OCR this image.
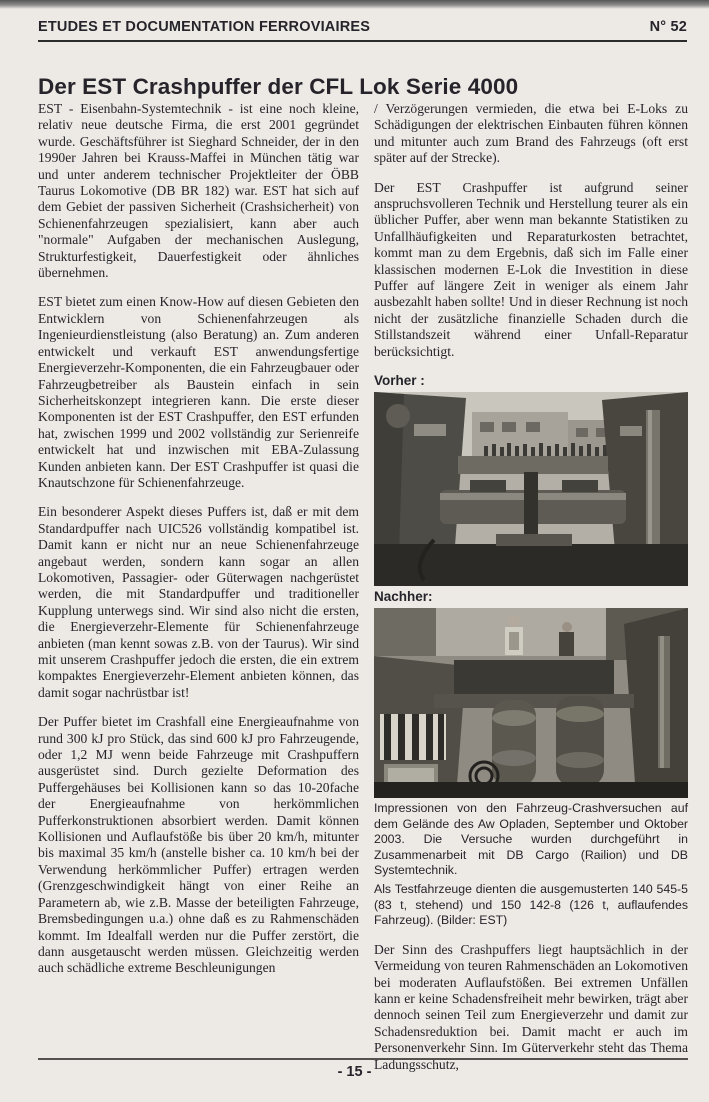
ETUDES ET DOCUMENTATION FERROVIAIRES	N° 52
Der EST Crashpuffer der CFL Lok Serie 4000

EST - Eisenbahn-Systemtechnik - ist eine noch kleine, relativ neue deutsche Firma, die erst 2001 gegründet wurde. Geschäftsführer ist Sieghard Schneider, der in den 1990er Jahren bei Krauss-Maffei in München tätig war und unter anderem technischer Projektleiter der ÖBB Taurus Lokomotive (DB BR 182) war. EST hat sich auf dem Gebiet der passiven Sicherheit (Crashsicherheit) von Schienenfahrzeugen spezialisiert, kann aber auch "normale" Aufgaben der mechanischen Auslegung, Strukturfestigkeit, Dauerfestigkeit oder ähnliches übernehmen.

EST bietet zum einen Know-How auf diesen Gebieten den Entwicklern von Schienenfahrzeugen als Ingenieurdienstleistung (also Beratung) an. Zum anderen entwickelt und verkauft EST anwendungsfertige Energieverzehr-Komponenten, die ein Fahrzeugbauer oder Fahrzeugbetreiber als Baustein einfach in sein Sicherheitskonzept integrieren kann. Die erste dieser Komponenten ist der EST Crashpuffer, den EST erfunden hat, zwischen 1999 und 2002 vollständig zur Serienreife entwickelt hat und inzwischen mit EBA-Zulassung Kunden anbieten kann. Der EST Crashpuffer ist quasi die Knautschzone für Schienenfahrzeuge.

Ein besonderer Aspekt dieses Puffers ist, daß er mit dem Standardpuffer nach UIC526 vollständig kompatibel ist. Damit kann er nicht nur an neue Schienenfahrzeuge angebaut werden, sondern kann sogar an allen Lokomotiven, Passagier- oder Güterwagen nachgerüstet werden, die mit Standardpuffer und traditioneller Kupplung unterwegs sind. Wir sind also nicht die ersten, die Energieverzehr-Elemente für Schienenfahrzeuge anbieten (man kennt sowas z.B. von der Taurus). Wir sind mit unserem Crashpuffer jedoch die ersten, die ein extrem kompaktes Energieverzehr-Element anbieten können, das damit sogar nachrüstbar ist!

Der Puffer bietet im Crashfall eine Energieaufnahme von rund 300 kJ pro Stück, das sind 600 kJ pro Fahrzeugende, oder 1,2 MJ wenn beide Fahrzeuge mit Crashpuffern ausgerüstet sind. Durch gezielte Deformation des Puffergehäuses bei Kollisionen kann so das 10-20fache der Energieaufnahme von herkömmlichen Pufferkonstruktionen absorbiert werden. Damit können Kollisionen und Auflaufstöße bis über 20 km/h, mitunter bis maximal 35 km/h (anstelle bisher ca. 10 km/h bei der Verwendung herkömmlicher Puffer) ertragen werden (Grenzgeschwindigkeit hängt von einer Reihe an Parametern ab, wie z.B. Masse der beteiligten Fahrzeuge, Bremsbedingungen u.a.) ohne daß es zu Rahmenschäden kommt. Im Idealfall werden nur die Puffer zerstört, die dann ausgetauscht werden müssen. Gleichzeitig werden auch schädliche extreme Beschleunigungen

/ Verzögerungen vermieden, die etwa bei E-Loks zu Schädigungen der elektrischen Einbauten führen können und mitunter auch zum Brand des Fahrzeugs (oft erst später auf der Strecke).

Der EST Crashpuffer ist aufgrund seiner anspruchsvolleren Technik und Herstellung teurer als ein üblicher Puffer, aber wenn man bekannte Statistiken zu Unfallhäufigkeiten und Reparaturkosten betrachtet, kommt man zu dem Ergebnis, daß sich im Falle einer klassischen modernen E-Lok die Investition in diese Puffer auf längere Zeit in weniger als einem Jahr ausbezahlt haben sollte! Und in dieser Rechnung ist noch nicht der zusätzliche finanzielle Schaden durch die Stillstandszeit während einer Unfall-Reparatur berücksichtigt.

Vorher :
Nachher:
Impressionen von den Fahrzeug-Crashversuchen auf dem Gelände des Aw Opladen, September und Oktober 2003. Die Versuche wurden durchgeführt in Zusammenarbeit mit DB Cargo (Railion) und DB Systemtechnik.
Als Testfahrzeuge dienten die ausgemusterten 140 545-5 (83 t, stehend) und 150 142-8 (126 t, auflaufendes Fahrzeug). (Bilder: EST)

Der Sinn des Crashpuffers liegt hauptsächlich in der Vermeidung von teuren Rahmenschäden an Lokomotiven bei moderaten Auflaufstößen. Bei extremen Unfällen kann er keine Schadensfreiheit mehr bewirken, trägt aber dennoch seinen Teil zum Energieverzehr und damit zur Schadensreduktion bei. Damit macht er auch im Personenverkehr Sinn. Im Güterverkehr steht das Thema Ladungsschutz,

- 15 -
